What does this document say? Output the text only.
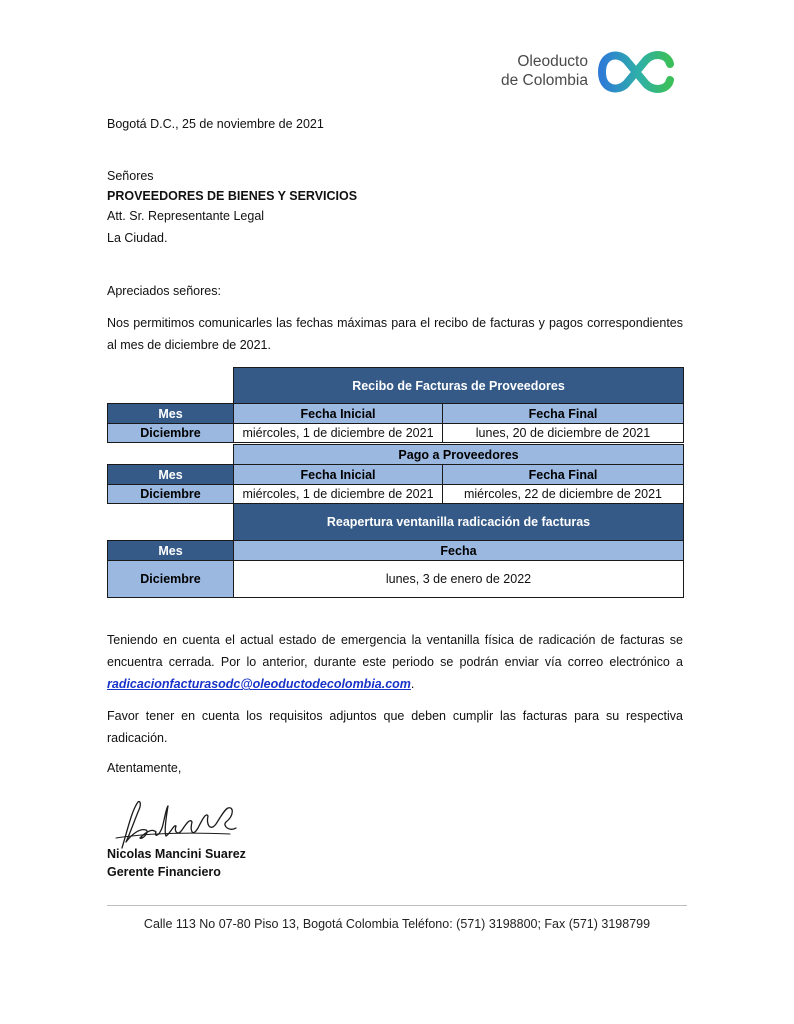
Oleoducto
de Colombia
Bogotá D.C., 25 de noviembre de 2021
Señores
PROVEEDORES DE BIENES Y SERVICIOS
Att. Sr. Representante Legal
La Ciudad.
Apreciados señores:
Nos permitimos comunicarles las fechas máximas para el recibo de facturas y pagos correspondientes al mes de diciembre de 2021.
	Recibo de Facturas de Proveedores	
Mes	Fecha Inicial	Fecha Final
Diciembre	miércoles, 1 de diciembre de 2021	lunes, 20 de diciembre de 2021
	Pago a Proveedores	
Mes	Fecha Inicial	Fecha Final
Diciembre	miércoles, 1 de diciembre de 2021	miércoles, 22 de diciembre de 2021
	Reapertura ventanilla radicación de facturas
Mes	Fecha
Diciembre	lunes, 3 de enero de 2022
Teniendo en cuenta el actual estado de emergencia la ventanilla física de radicación de facturas se encuentra cerrada. Por lo anterior, durante este periodo se podrán enviar vía correo electrónico a radicacionfacturasodc@oleoductodecolombia.com.
Favor tener en cuenta los requisitos adjuntos que deben cumplir las facturas para su respectiva radicación.
Atentamente,
Nicolas Mancini Suarez
Gerente Financiero
Calle 113 No 07-80 Piso 13, Bogotá Colombia Teléfono: (571) 3198800; Fax (571) 3198799
